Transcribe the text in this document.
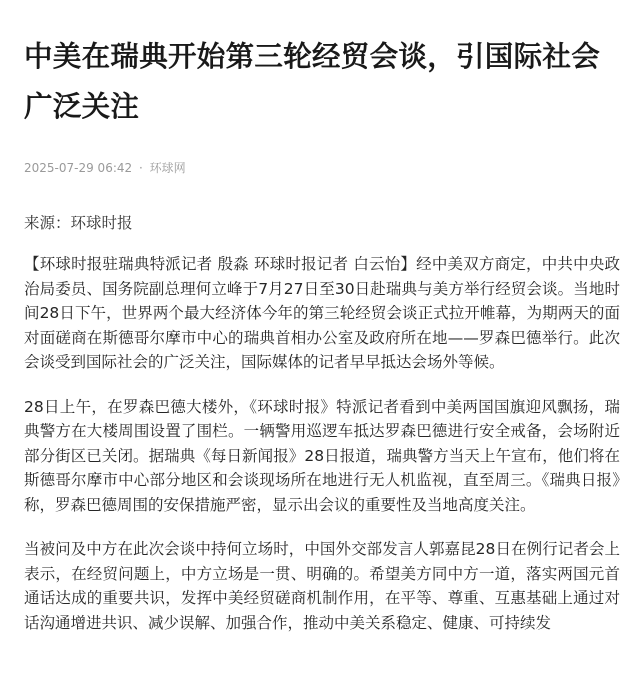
中美在瑞典开始第三轮经贸会谈，引国际社会广泛关注
2025-07-29 06:42 · 环球网
来源：环球时报

【环球时报驻瑞典特派记者 殷淼 环球时报记者 白云怡】经中美双方商定，中共中央政治局委员、国务院副总理何立峰于7月27日至30日赴瑞典与美方举行经贸会谈。当地时间28日下午，世界两个最大经济体今年的第三轮经贸会谈正式拉开帷幕，为期两天的面对面磋商在斯德哥尔摩市中心的瑞典首相办公室及政府所在地——罗森巴德举行。此次会谈受到国际社会的广泛关注，国际媒体的记者早早抵达会场外等候。

28日上午，在罗森巴德大楼外，《环球时报》特派记者看到中美两国国旗迎风飘扬，瑞典警方在大楼周围设置了围栏。一辆警用巡逻车抵达罗森巴德进行安全戒备，会场附近部分街区已关闭。据瑞典《每日新闻报》28日报道，瑞典警方当天上午宣布，他们将在斯德哥尔摩市中心部分地区和会谈现场所在地进行无人机监视，直至周三。《瑞典日报》称，罗森巴德周围的安保措施严密，显示出会议的重要性及当地高度关注。

当被问及中方在此次会谈中持何立场时，中国外交部发言人郭嘉昆28日在例行记者会上表示，在经贸问题上，中方立场是一贯、明确的。希望美方同中方一道，落实两国元首通话达成的重要共识，发挥中美经贸磋商机制作用，在平等、尊重、互惠基础上通过对话沟通增进共识、减少误解、加强合作，推动中美关系稳定、健康、可持续发
